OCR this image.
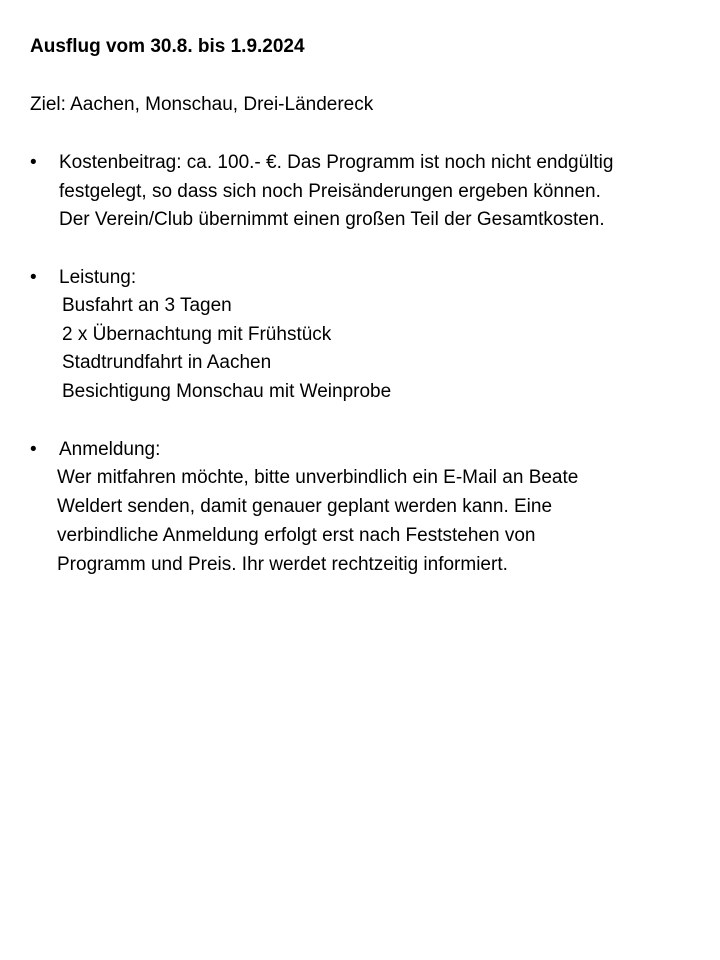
Ausflug vom 30.8. bis 1.9.2024
Ziel: Aachen, Monschau, Drei-Ländereck
• Kostenbeitrag: ca. 100.- €. Das Programm ist noch nicht endgültig
festgelegt, so dass sich noch Preisänderungen ergeben können.
Der Verein/Club übernimmt einen großen Teil der Gesamtkosten.
• Leistung:
Busfahrt an 3 Tagen
2 x Übernachtung mit Frühstück
Stadtrundfahrt in Aachen
Besichtigung Monschau mit Weinprobe
• Anmeldung:
Wer mitfahren möchte, bitte unverbindlich ein E-Mail an Beate
Weldert senden, damit genauer geplant werden kann. Eine
verbindliche Anmeldung erfolgt erst nach Feststehen von
Programm und Preis. Ihr werdet rechtzeitig informiert.
